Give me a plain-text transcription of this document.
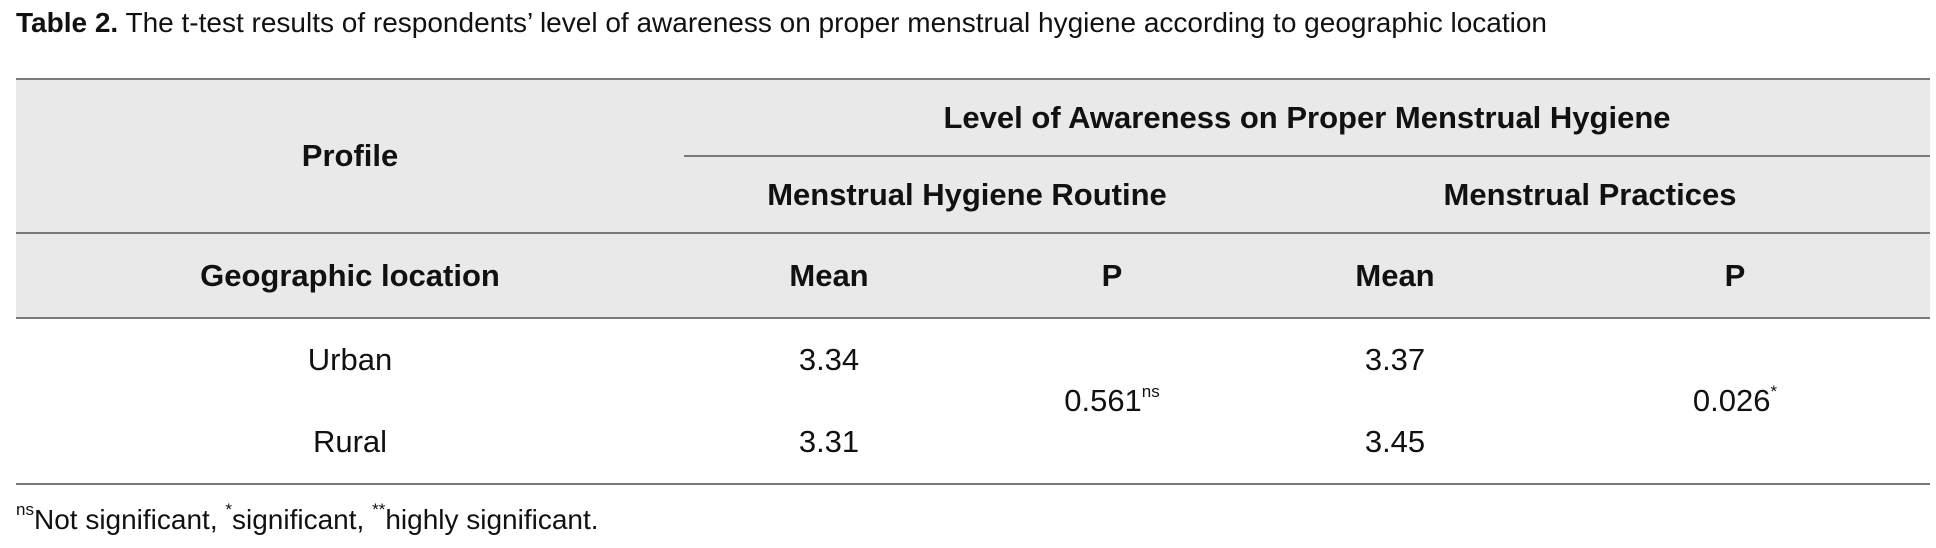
Table 2. The t-test results of respondents’ level of awareness on proper menstrual hygiene according to geographic location
Profile	Level of Awareness on Proper Menstrual Hygiene			
	Menstrual Hygiene Routine		Menstrual Practices	
Geographic location	Mean	P	Mean	P
Urban	3.34	$0.561^{ns}$	3.37	0.026*
Rural	3.31		3.45	
$^{ns}$Not significant, *significant, **highly significant.
